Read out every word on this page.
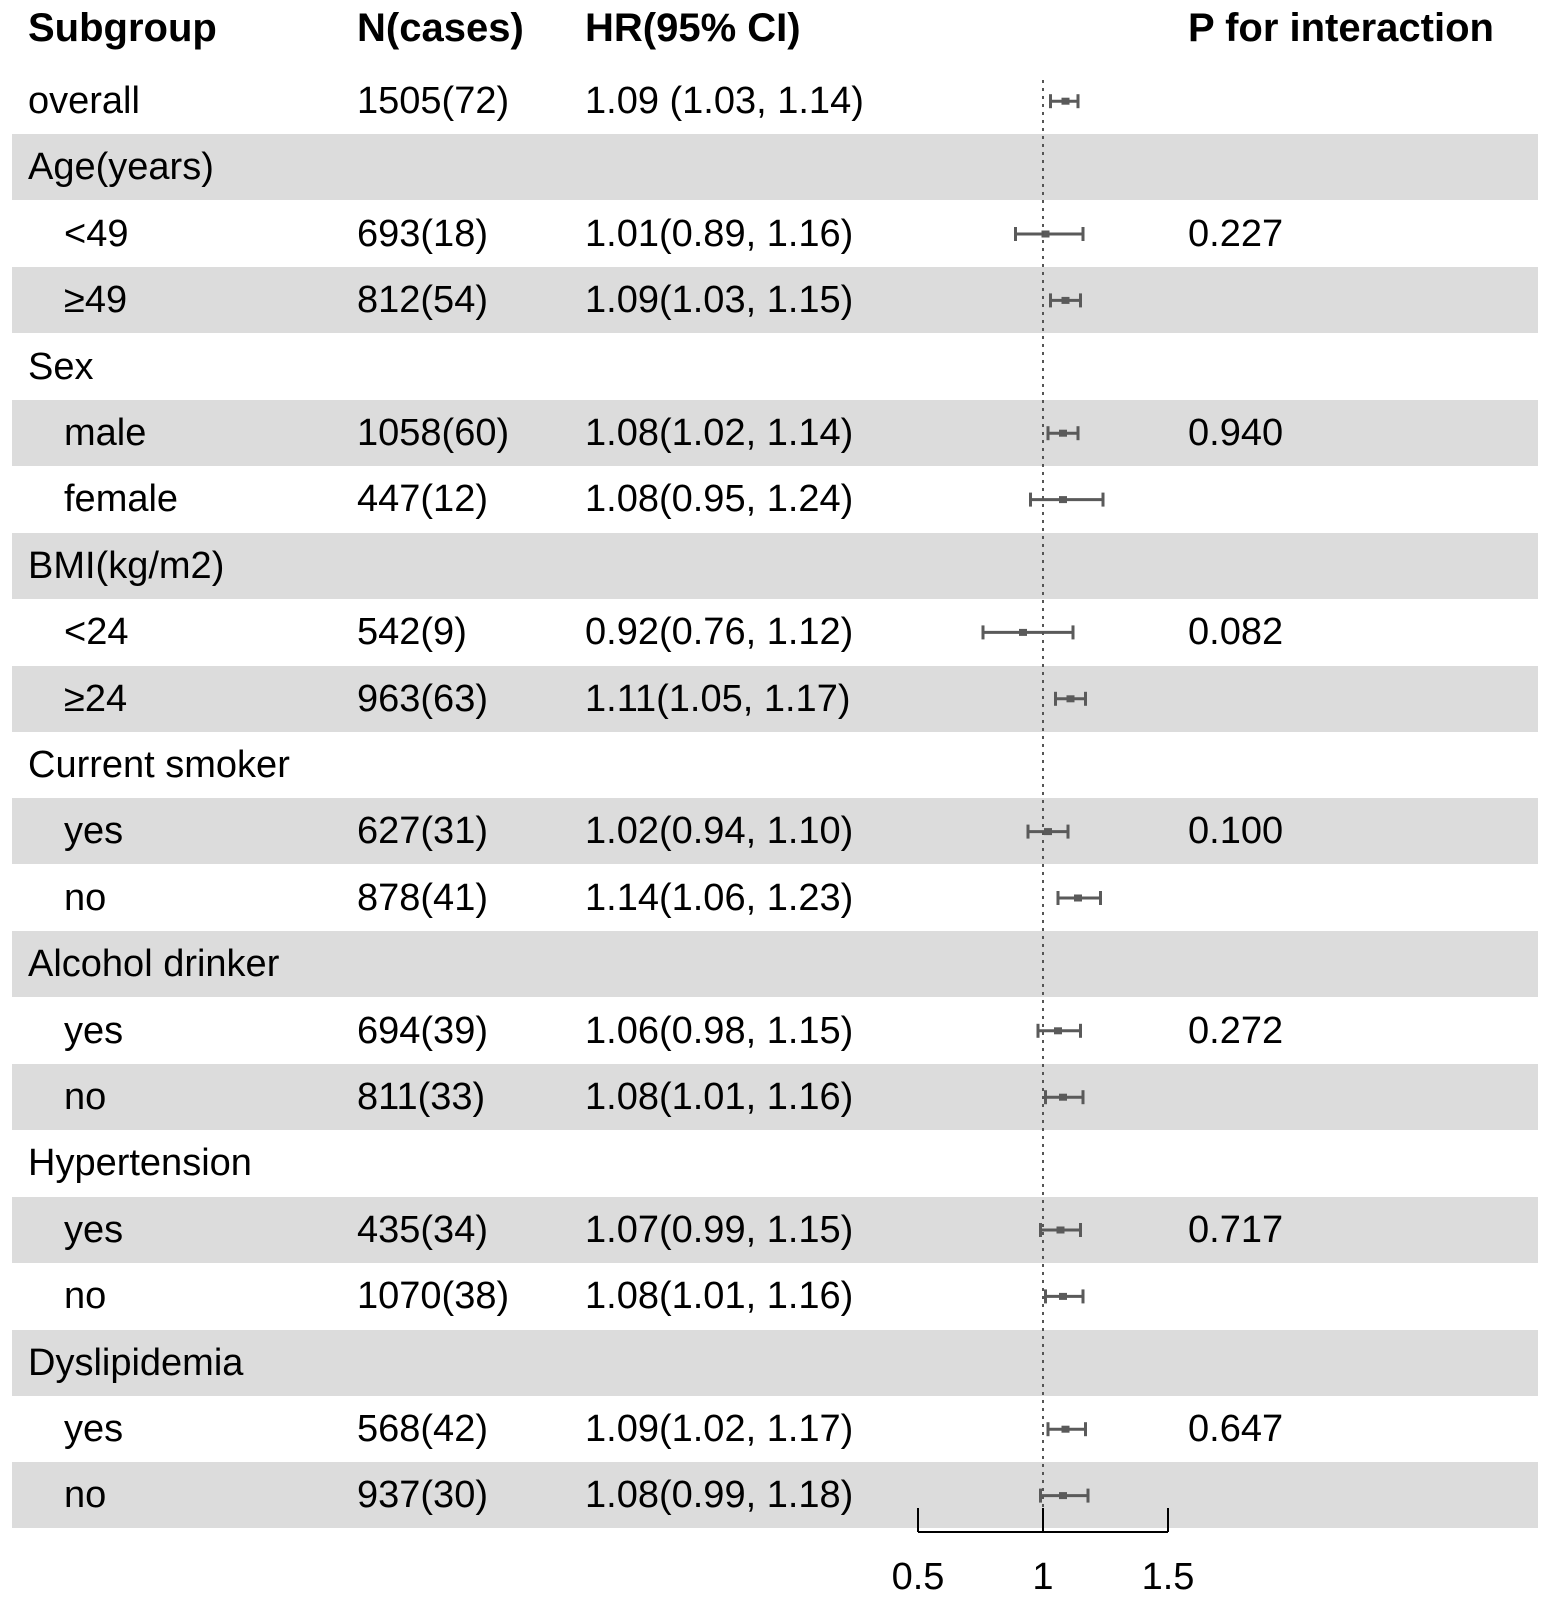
Subgroup	N(cases) HR(95% CI)	P for interaction
overall	1505(72) 1.09 (1.03, 1.14)
Age(years)
<49	693(18)	1.01(0.89, 1.16)	0.227
≥49	812(54)	1.09(1.03, 1.15)
Sex
male	1058(60) 1.08(1.02, 1.14)	0.940
female	447(12)	1.08(0.95, 1.24)
BMI(kg/m2)
<24	542(9)	0.92(0.76, 1.12)	0.082
≥24	963(63)	1.11(1.05, 1.17)
Current smoker
yes	627(31)	1.02(0.94, 1.10)	0.100
no	878(41)	1.14(1.06, 1.23)
Alcohol drinker
yes	694(39)	1.06(0.98, 1.15)	0.272
no	811(33)	1.08(1.01, 1.16)
Hypertension
yes	435(34)	1.07(0.99, 1.15)	0.717
no	1070(38) 1.08(1.01, 1.16)
Dyslipidemia
yes	568(42)	1.09(1.02, 1.17)	0.647
no	937(30)	1.08(0.99, 1.18)
0.5 1 1.5
